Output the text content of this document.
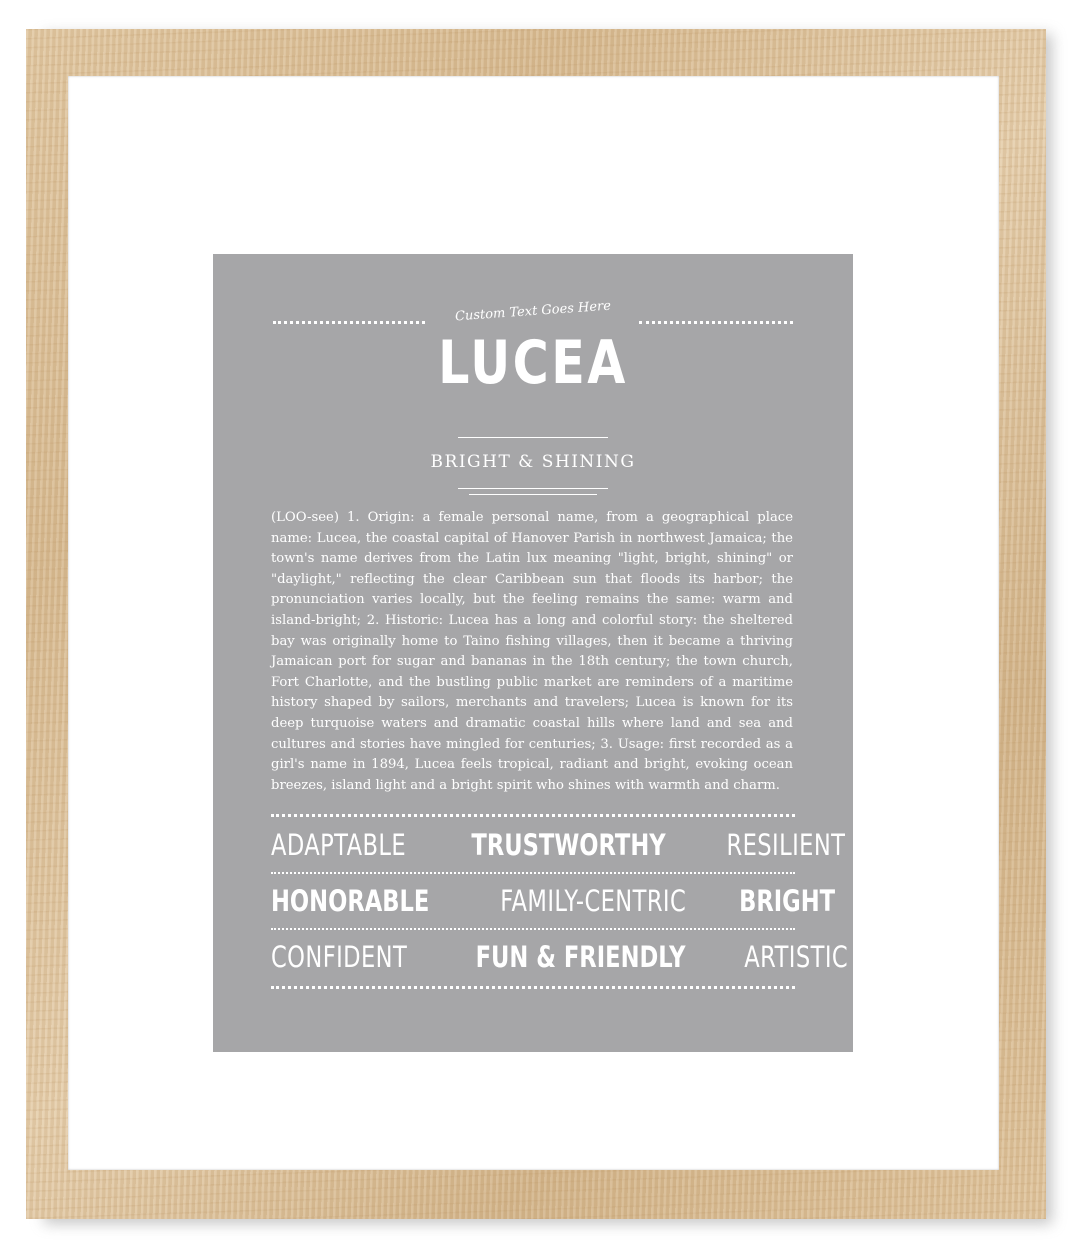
Custom Text Goes Here
LUCEA
BRIGHT & SHINING
(LOO-see) 1. Origin: a female personal name, from a geographical place name: Lucea, the coastal capital of Hanover Parish in northwest Jamaica; the town's name derives from the Latin lux meaning "light, bright, shining" or "daylight," reflecting the clear Caribbean sun that floods its harbor; the pronunciation varies locally, but the feeling remains the same: warm and island-bright; 2. Historic: Lucea has a long and colorful story: the sheltered bay was originally home to Taino fishing villages, then it became a thriving Jamaican port for sugar and bananas in the 18th century; the town church, Fort Charlotte, and the bustling public market are reminders of a maritime history shaped by sailors, merchants and travelers; Lucea is known for its deep turquoise waters and dramatic coastal hills where land and sea and cultures and stories have mingled for centuries; 3. Usage: first recorded as a girl's name in 1894, Lucea feels tropical, radiant and bright, evoking ocean breezes, island light and a bright spirit who shines with warmth and charm.
ADAPTABLE TRUSTWORTHY RESILIENT
HONORABLE FAMILY-CENTRIC BRIGHT
CONFIDENT FUN & FRIENDLY ARTISTIC
